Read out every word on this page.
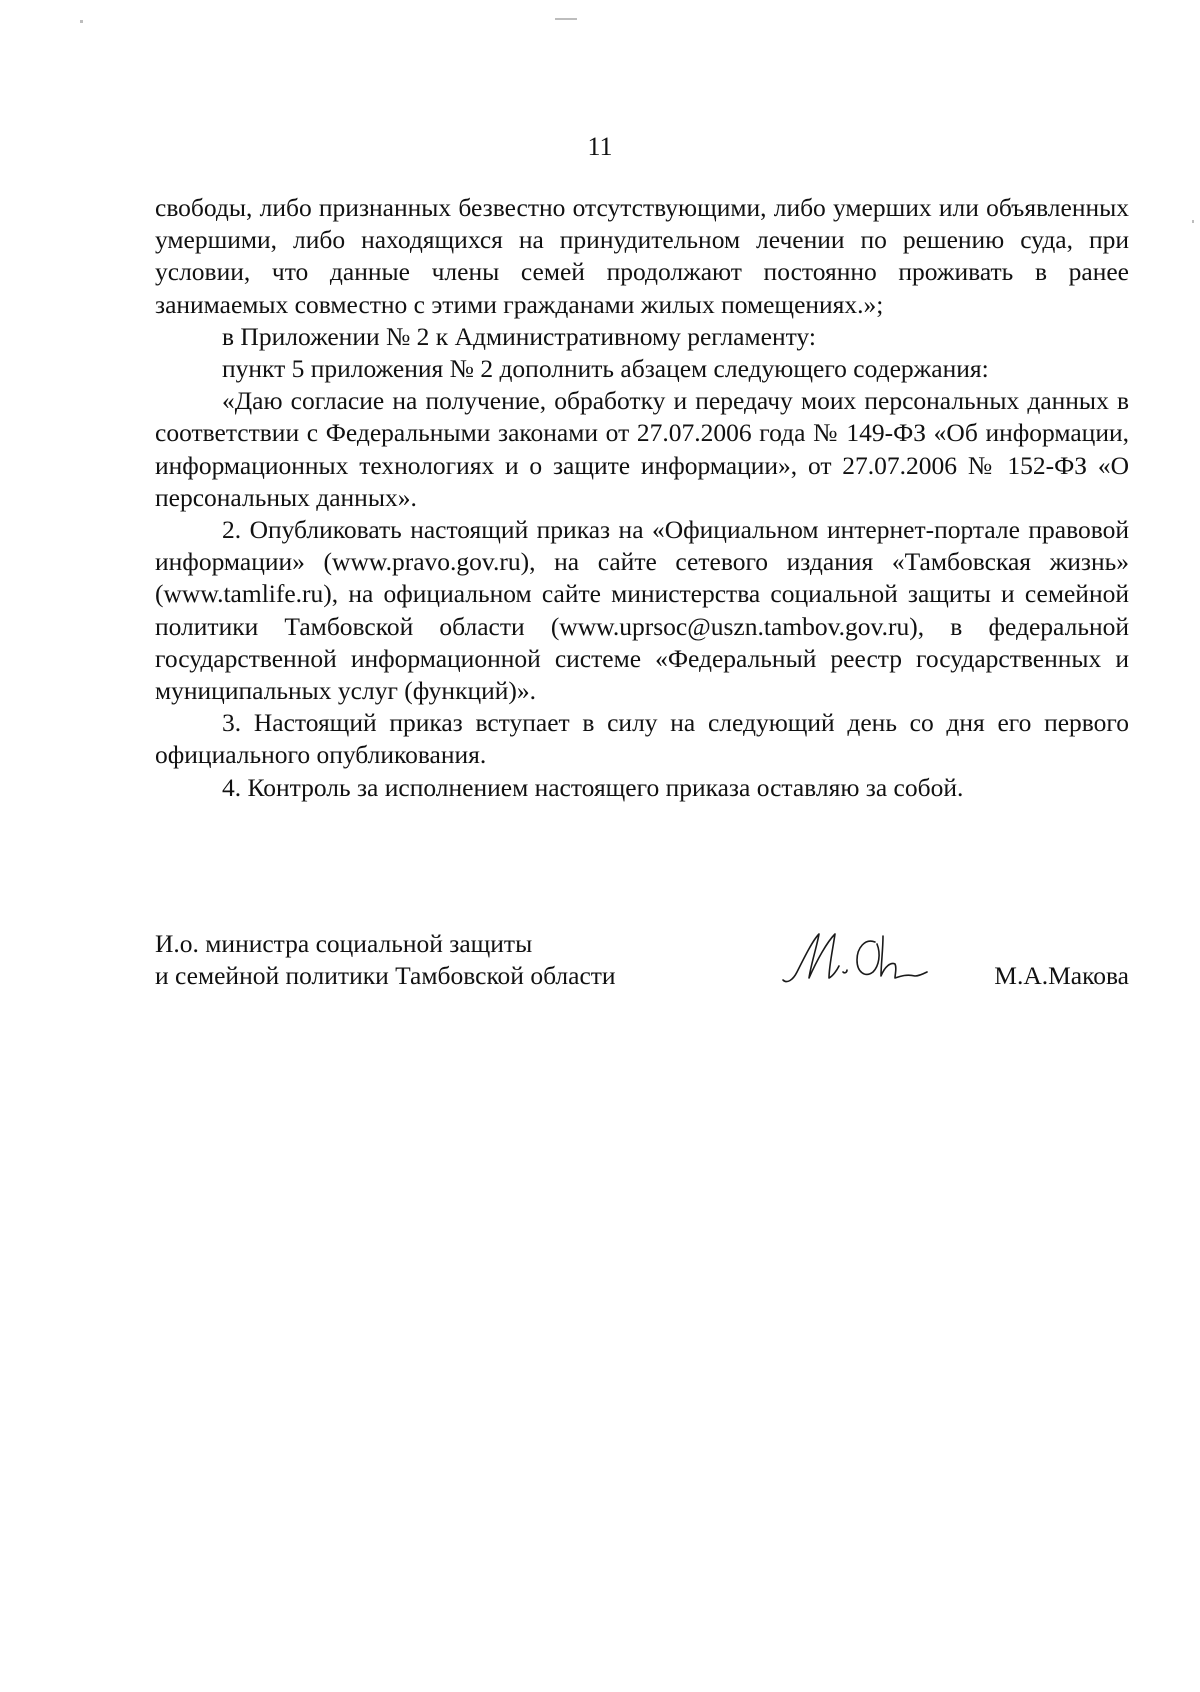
11

свободы, либо признанных безвестно отсутствующими, либо умерших или объявленных умершими, либо находящихся на принудительном лечении по решению суда, при условии, что данные члены семей продолжают постоянно проживать в ранее занимаемых совместно с этими гражданами жилых помещениях.»;

в Приложении № 2 к Административному регламенту:

пункт 5 приложения № 2 дополнить абзацем следующего содержания:

«Даю согласие на получение, обработку и передачу моих персональных данных в соответствии с Федеральными законами от 27.07.2006 года № 149-ФЗ «Об информации, информационных технологиях и о защите информации», от 27.07.2006 № 152-ФЗ «О персональных данных».

2. Опубликовать настоящий приказ на «Официальном интернет-портале правовой информации» (www.pravo.gov.ru), на сайте сетевого издания «Тамбовская жизнь» (www.tamlife.ru), на официальном сайте министерства социальной защиты и семейной политики Тамбовской области (www.uprsoc@uszn.tambov.gov.ru), в федеральной государственной информационной системе «Федеральный реестр государственных и муниципальных услуг (функций)».

3. Настоящий приказ вступает в силу на следующий день со дня его первого официального опубликования.

4. Контроль за исполнением настоящего приказа оставляю за собой.

И.о. министра социальной защиты
и семейной политики Тамбовской области	М.А.Макова
